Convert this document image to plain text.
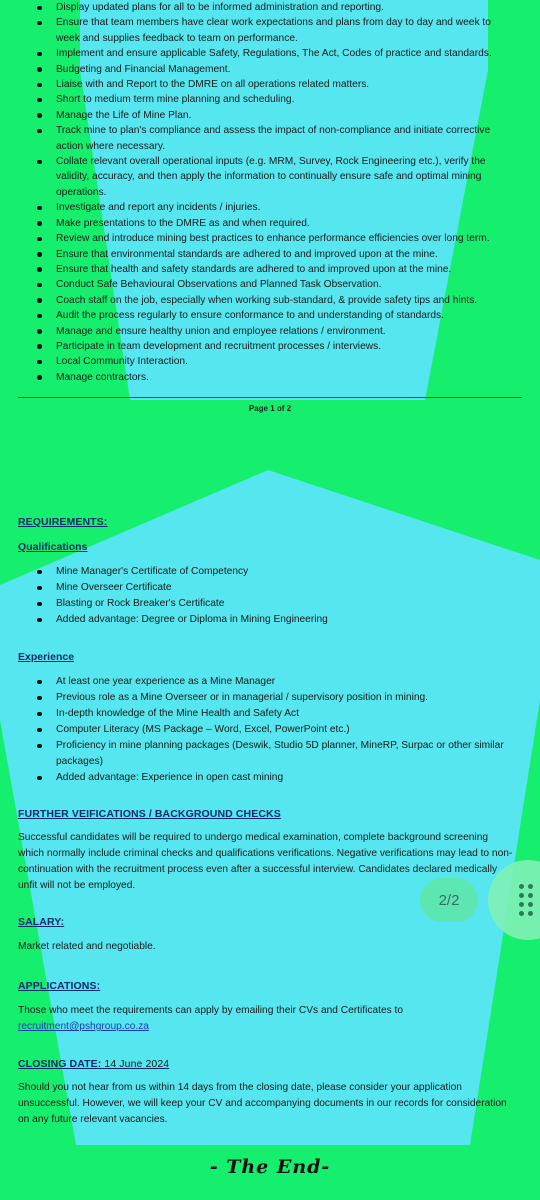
Display updated plans for all to be informed administration and reporting.
Ensure that team members have clear work expectations and plans from day to day and week to week and supplies feedback to team on performance.
Implement and ensure applicable Safety, Regulations, The Act, Codes of practice and standards.
Budgeting and Financial Management.
Liaise with and Report to the DMRE on all operations related matters.
Short to medium term mine planning and scheduling.
Manage the Life of Mine Plan.
Track mine to plan's compliance and assess the impact of non-compliance and initiate corrective action where necessary.
Collate relevant overall operational inputs (e.g. MRM, Survey, Rock Engineering etc.), verify the validity, accuracy, and then apply the information to continually ensure safe and optimal mining operations.
Investigate and report any incidents / injuries.
Make presentations to the DMRE as and when required.
Review and introduce mining best practices to enhance performance efficiencies over long term.
Ensure that environmental standards are adhered to and improved upon at the mine.
Ensure that health and safety standards are adhered to and improved upon at the mine.
Conduct Safe Behavioural Observations and Planned Task Observation.
Coach staff on the job, especially when working sub-standard, & provide safety tips and hints.
Audit the process regularly to ensure conformance to and understanding of standards.
Manage and ensure healthy union and employee relations / environment.
Participate in team development and recruitment processes / interviews.
Local Community Interaction.
Manage contractors.
Page 1 of 2
REQUIREMENTS:
Qualifications
Mine Manager's Certificate of Competency
Mine Overseer Certificate
Blasting or Rock Breaker's Certificate
Added advantage: Degree or Diploma in Mining Engineering
Experience
At least one year experience as a Mine Manager
Previous role as a Mine Overseer or in managerial / supervisory position in mining.
In-depth knowledge of the Mine Health and Safety Act
Computer Literacy (MS Package – Word, Excel, PowerPoint etc.)
Proficiency in mine planning packages (Deswik, Studio 5D planner, MineRP, Surpac or other similar packages)
Added advantage: Experience in open cast mining
FURTHER VEIFICATIONS / BACKGROUND CHECKS
Successful candidates will be required to undergo medical examination, complete background screening which normally include criminal checks and qualifications verifications. Negative verifications may lead to non-continuation with the recruitment process even after a successful interview. Candidates declared medically unfit will not be employed.
SALARY:
Market related and negotiable.
APPLICATIONS:
Those who meet the requirements can apply by emailing their CVs and Certificates to
recruitment@pshgroup.co.za
CLOSING DATE: 14 June 2024
Should you not hear from us within 14 days from the closing date, please consider your application unsuccessful. However, we will keep your CV and accompanying documents in our records for consideration on any future relevant vacancies.
- The End-
2/2
